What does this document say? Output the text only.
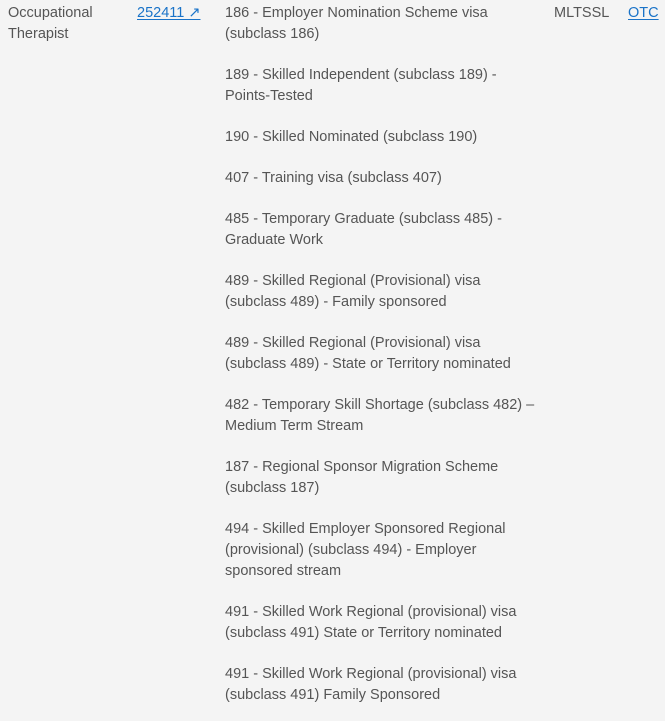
Occupational Therapist
252411 ↗	186 - Employer Nomination Scheme visa (subclass 186)
189 - Skilled Independent (subclass 189) - Points-Tested
190 - Skilled Nominated (subclass 190)
407 - Training visa (subclass 407)
485 - Temporary Graduate (subclass 485) - Graduate Work
489 - Skilled Regional (Provisional) visa (subclass 489) - Family sponsored
489 - Skilled Regional (Provisional) visa (subclass 489) - State or Territory nominated
482 - Temporary Skill Shortage (subclass 482) – Medium Term Stream
187 - Regional Sponsor Migration Scheme (subclass 187)
494 - Skilled Employer Sponsored Regional (provisional) (subclass 494) - Employer sponsored stream
491 - Skilled Work Regional (provisional) visa (subclass 491) State or Territory nominated
491 - Skilled Work Regional (provisional) visa (subclass 491) Family Sponsored
MLTSSL	OTC
